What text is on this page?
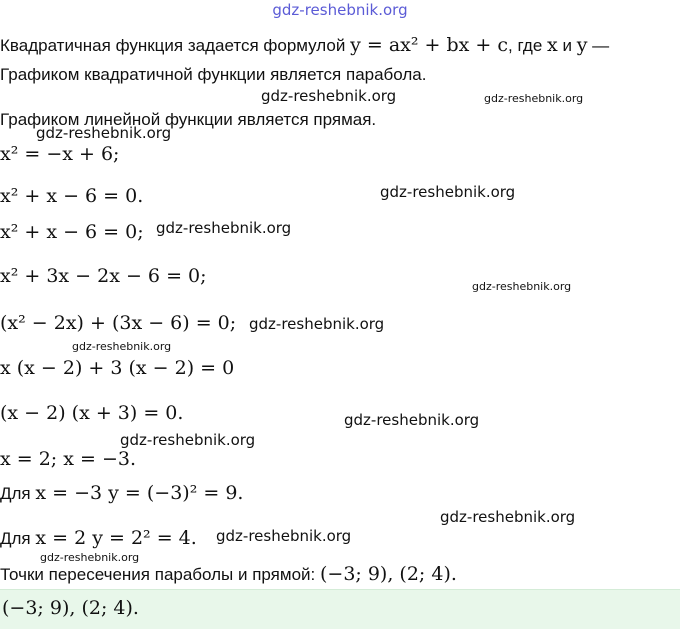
gdz-reshebnik.org
Квадратичная функция задается формулой y = ax² + bx + c, где x и y —
Графиком квадратичной функции является парабола.
Графиком линейной функции является прямая.
x² = −x + 6;
x² + x − 6 = 0.
x² + x − 6 = 0;
x² + 3x − 2x − 6 = 0;
(x² − 2x) + (3x − 6) = 0;
x (x − 2) + 3 (x − 2) = 0
(x − 2) (x + 3) = 0.
x = 2; x = −3.
Для x = −3 y = (−3)² = 9.
Для x = 2 y = 2² = 4.
Точки пересечения параболы и прямой: (−3; 9), (2; 4).
(−3; 9), (2; 4).
gdz-reshebnik.org	gdz-reshebnik.org
gdz-reshebnik.org
gdz-reshebnik.org
gdz-reshebnik.org
gdz-reshebnik.org
gdz-reshebnik.org
gdz-reshebnik.org
gdz-reshebnik.org
gdz-reshebnik.org
gdz-reshebnik.org
gdz-reshebnik.org
gdz-reshebnik.org
